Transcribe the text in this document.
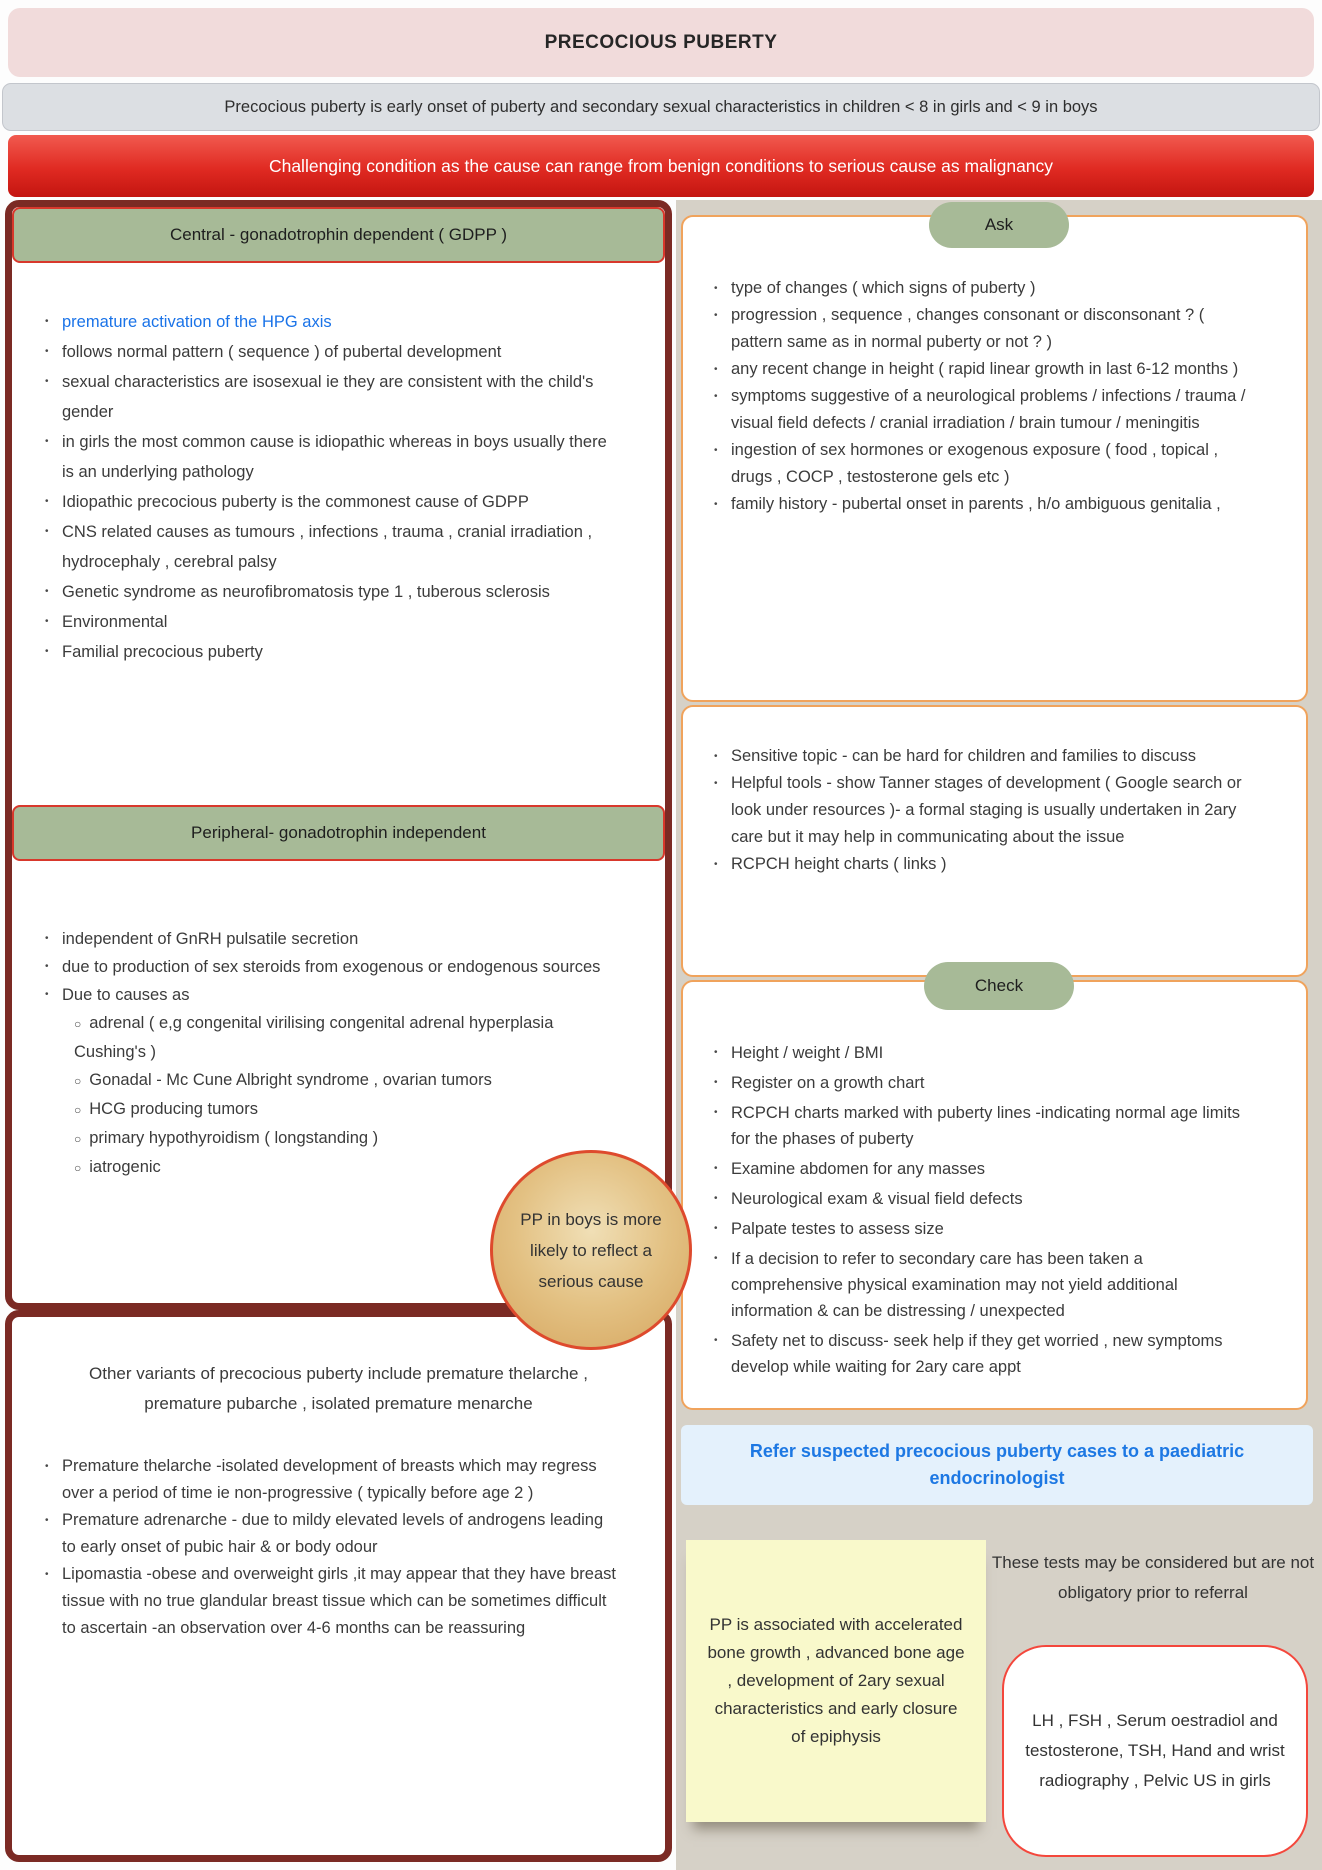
PRECOCIOUS PUBERTY
Precocious puberty is early onset of puberty and secondary sexual characteristics in children < 8 in girls and < 9 in boys
Challenging condition as the cause can range from benign conditions to serious cause as malignancy
Central - gonadotrophin dependent ( GDPP )
• premature activation of the HPG axis
• follows normal pattern ( sequence ) of pubertal development
• sexual characteristics are isosexual ie they are consistent with the child's gender
• in girls the most common cause is idiopathic whereas in boys usually there is an underlying pathology
• Idiopathic precocious puberty is the commonest cause of GDPP
• CNS related causes as tumours , infections , trauma , cranial irradiation , hydrocephaly , cerebral palsy
• Genetic syndrome as neurofibromatosis type 1 , tuberous sclerosis
• Environmental
• Familial precocious puberty
Peripheral- gonadotrophin independent
• independent of GnRH pulsatile secretion
• due to production of sex steroids from exogenous or endogenous sources
• Due to causes as
○ adrenal ( e,g congenital virilising congenital adrenal hyperplasia Cushing's )
○ Gonadal - Mc Cune Albright syndrome , ovarian tumors
○ HCG producing tumors
○ primary hypothyroidism ( longstanding )
○ iatrogenic

Other variants of precocious puberty include premature thelarche , premature pubarche , isolated premature menarche

• Premature thelarche -isolated development of breasts which may regress over a period of time ie non-progressive ( typically before age 2 )
• Premature adrenarche - due to mildy elevated levels of androgens leading to early onset of pubic hair & or body odour
• Lipomastia -obese and overweight girls ,it may appear that they have breast tissue with no true glandular breast tissue which can be sometimes difficult to ascertain -an observation over 4-6 months can be reassuring
Ask
• type of changes ( which signs of puberty )
• progression , sequence , changes consonant or disconsonant ? ( pattern same as in normal puberty or not ? )
• any recent change in height ( rapid linear growth in last 6-12 months )
• symptoms suggestive of a neurological problems / infections / trauma / visual field defects / cranial irradiation / brain tumour / meningitis
• ingestion of sex hormones or exogenous exposure ( food , topical , drugs , COCP , testosterone gels etc )
• family history - pubertal onset in parents , h/o ambiguous genitalia ,
• Sensitive topic - can be hard for children and families to discuss
• Helpful tools - show Tanner stages of development ( Google search or look under resources )- a formal staging is usually undertaken in 2ary care but it may help in communicating about the issue
• RCPCH height charts ( links )
Check
• Height / weight / BMI
• Register on a growth chart
• RCPCH charts marked with puberty lines -indicating normal age limits for the phases of puberty
• Examine abdomen for any masses
• Neurological exam & visual field defects
• Palpate testes to assess size
• If a decision to refer to secondary care has been taken a comprehensive physical examination may not yield additional information & can be distressing / unexpected
• Safety net to discuss- seek help if they get worried , new symptoms develop while waiting for 2ary care appt
Refer suspected precocious puberty cases to a paediatric endocrinologist
PP is associated with accelerated bone growth , advanced bone age , development of 2ary sexual characteristics and early closure of epiphysis
These tests may be considered but are not obligatory prior to referral
LH , FSH , Serum oestradiol and testosterone, TSH, Hand and wrist radiography , Pelvic US in girls
PP in boys is more likely to reflect a serious cause
